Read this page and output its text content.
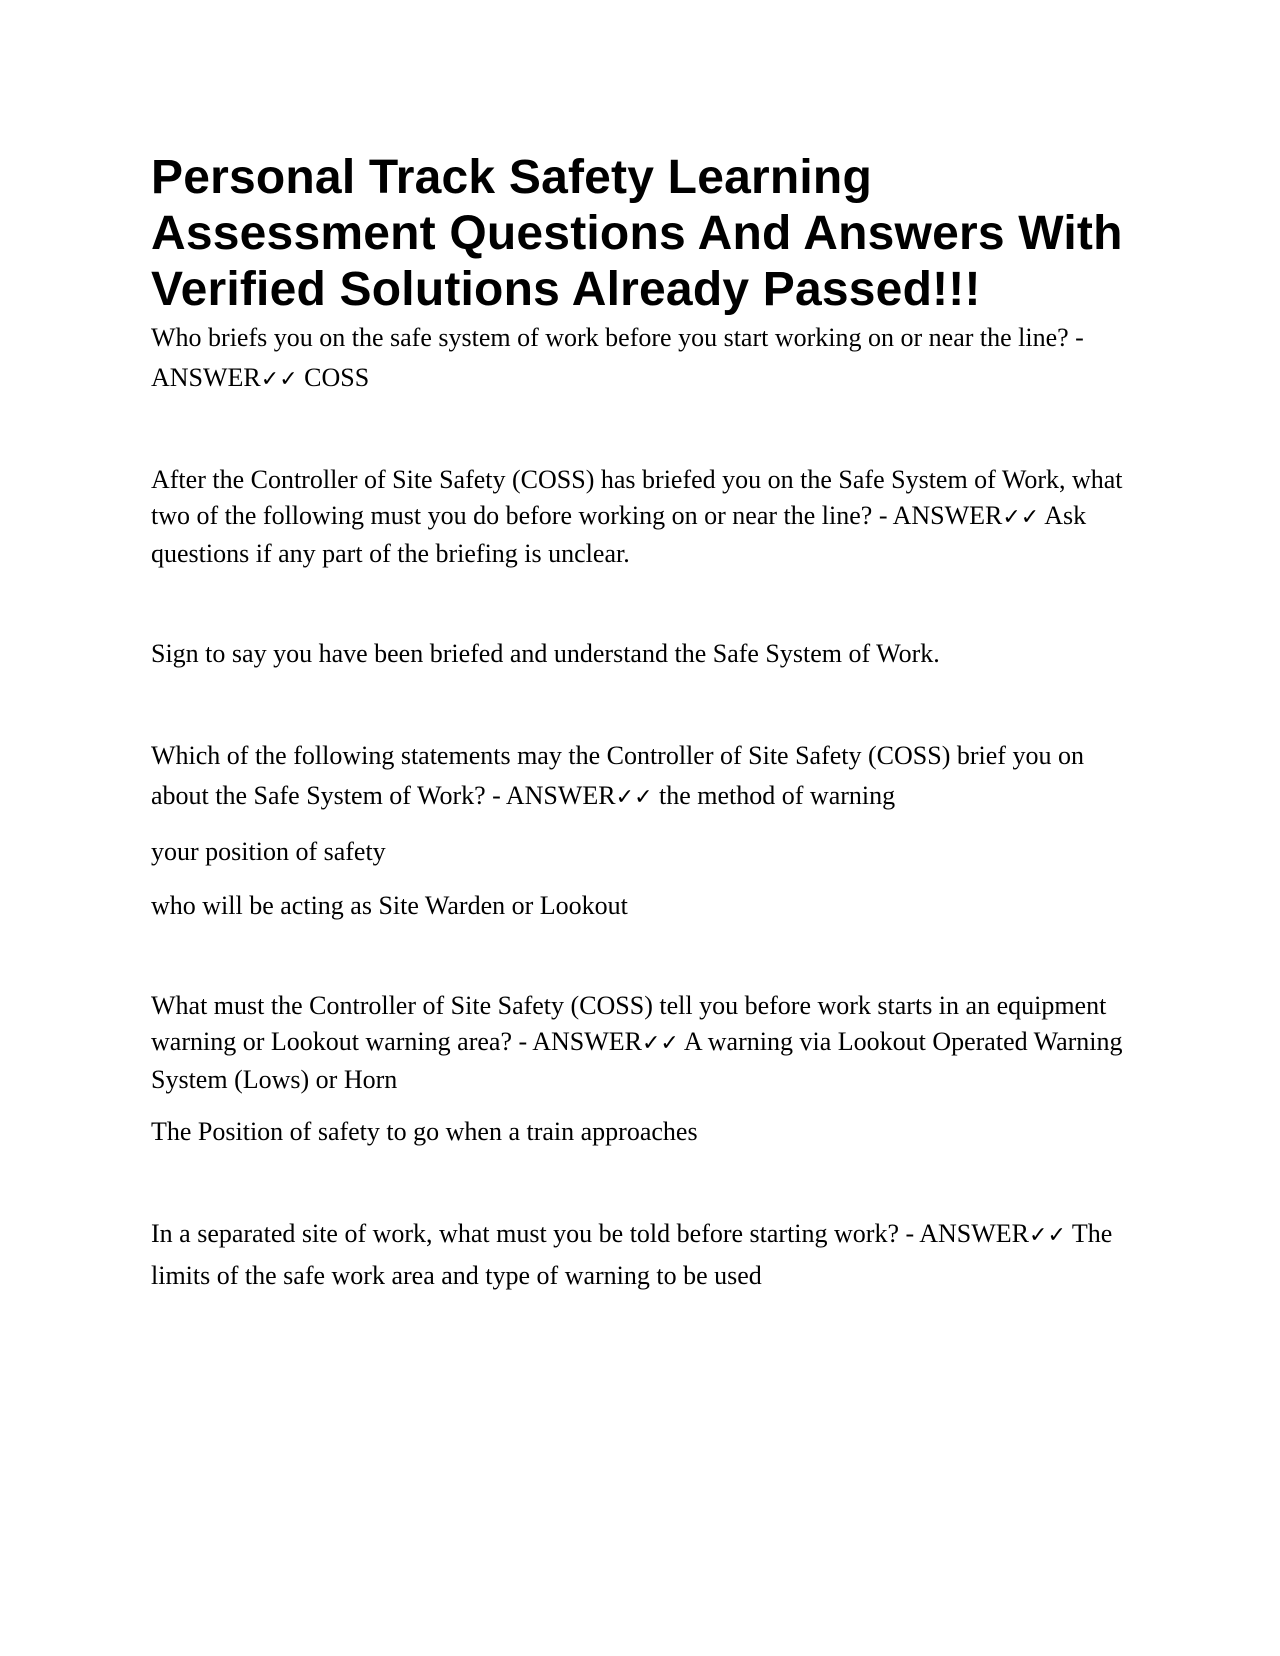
Personal Track Safety Learning Assessment Questions And Answers With Verified Solutions Already Passed!!!

Who briefs you on the safe system of work before you start working on or near the line? - ANSWER✓✓ COSS

After the Controller of Site Safety (COSS) has briefed you on the Safe System of Work, what two of the following must you do before working on or near the line? - ANSWER✓✓ Ask questions if any part of the briefing is unclear.

Sign to say you have been briefed and understand the Safe System of Work.

Which of the following statements may the Controller of Site Safety (COSS) brief you on about the Safe System of Work? - ANSWER✓✓ the method of warning

your position of safety

who will be acting as Site Warden or Lookout

What must the Controller of Site Safety (COSS) tell you before work starts in an equipment warning or Lookout warning area? - ANSWER✓✓ A warning via Lookout Operated Warning System (Lows) or Horn

The Position of safety to go when a train approaches

In a separated site of work, what must you be told before starting work? - ANSWER✓✓ The limits of the safe work area and type of warning to be used
